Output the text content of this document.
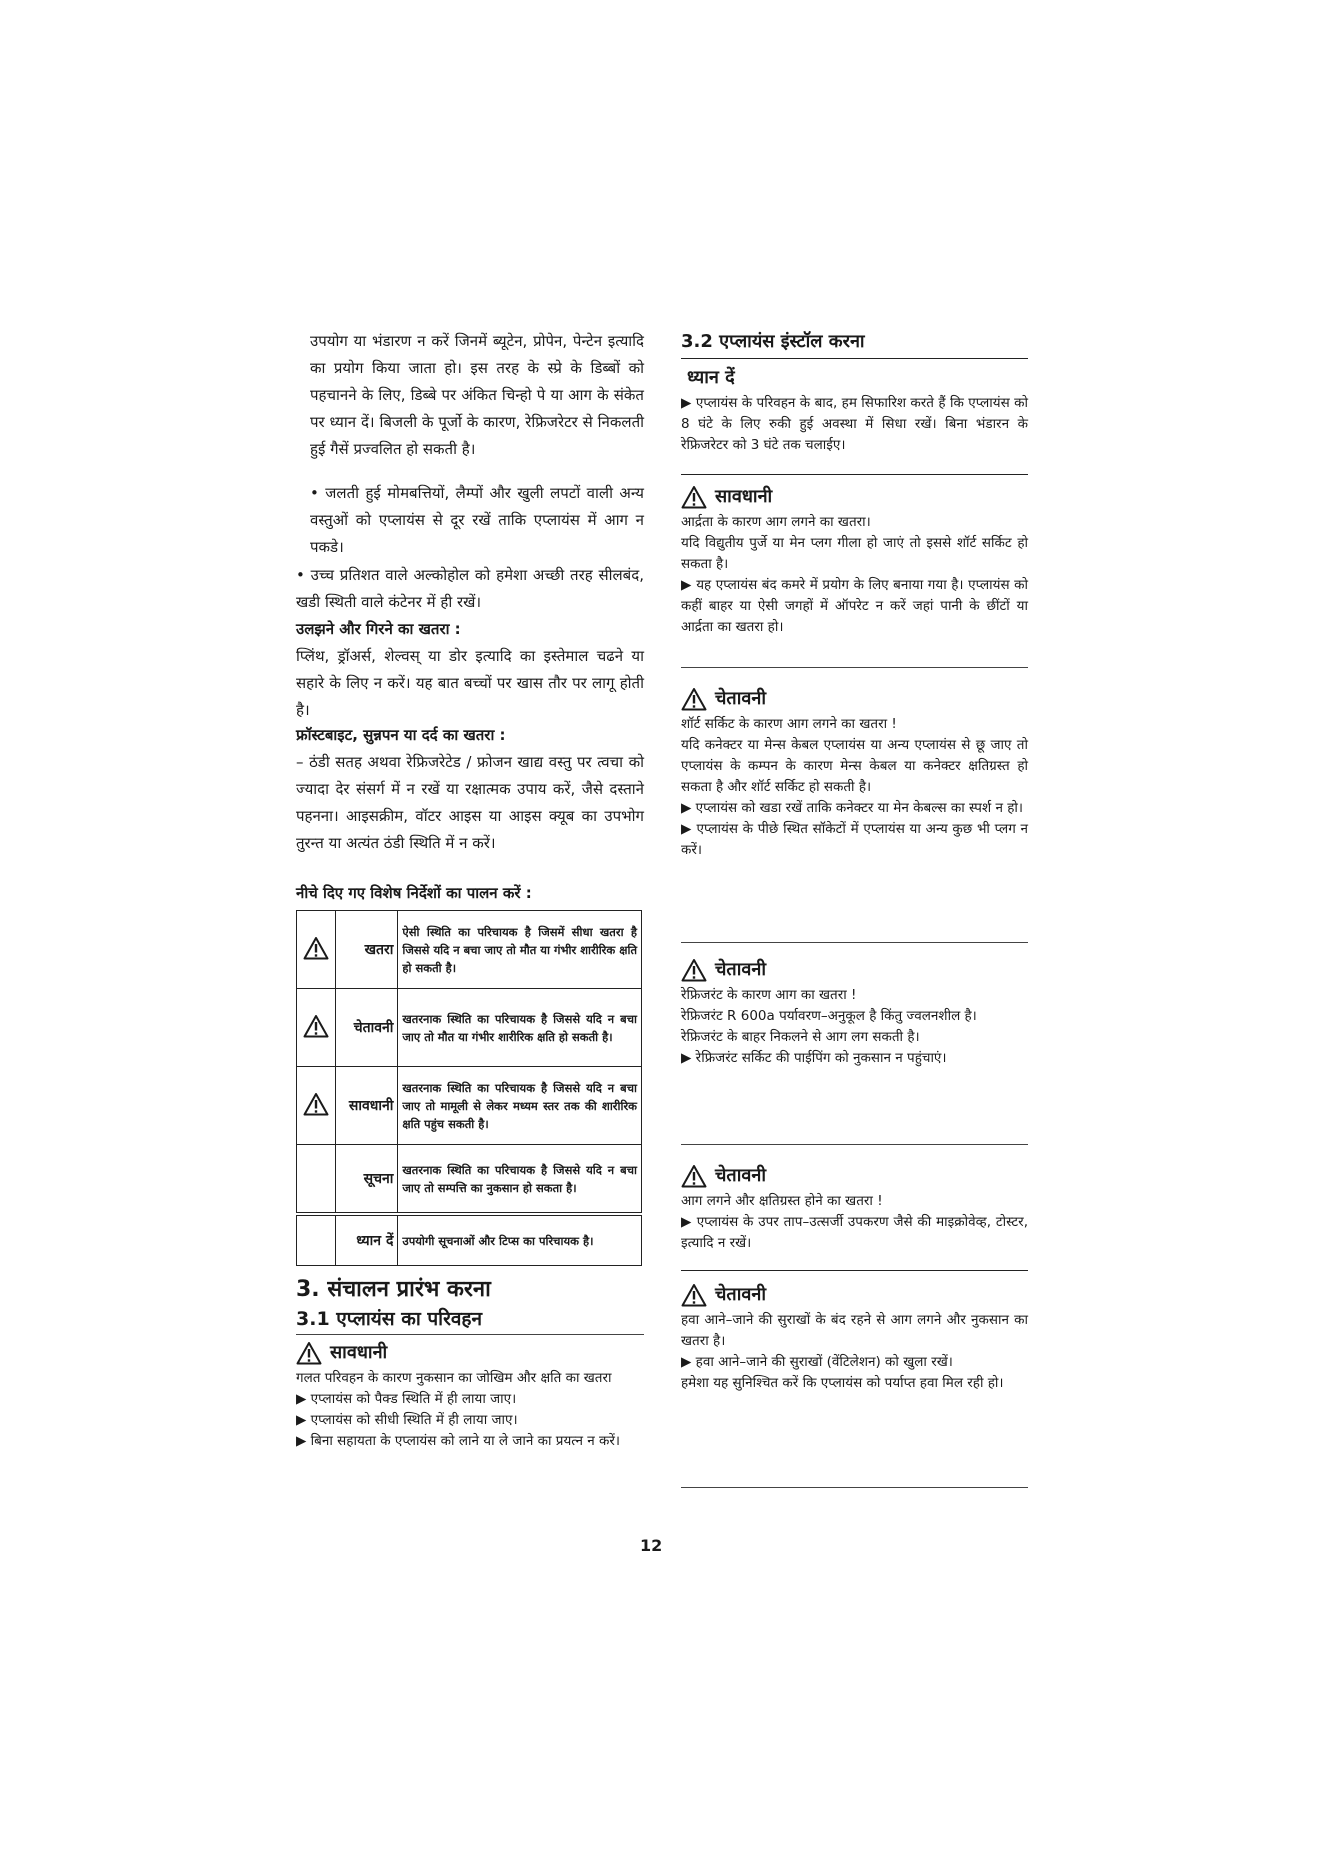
उपयोग या भंडारण न करें जिनमें ब्यूटेन, प्रोपेन, पेन्टेन इत्यादि का प्रयोग किया जाता हो। इस तरह के स्प्रे के डिब्बों को पहचानने के लिए, डिब्बे पर अंकित चिन्हो पे या आग के संकेत पर ध्यान दें। बिजली के पूर्जो के कारण, रेफ्रिजरेटर से निकलती हुई गैसें प्रज्वलित हो सकती है।

• जलती हुई मोमबत्तियों, लैम्पों और खुली लपटों वाली अन्य वस्तुओं को एप्लायंस से दूर रखें ताकि एप्लायंस में आग न पकडे।

• उच्च प्रतिशत वाले अल्कोहोल को हमेशा अच्छी तरह सीलबंद, खडी स्थिती वाले कंटेनर में ही रखें।

उलझने और गिरने का खतरा :

प्लिंथ, ड्रॉअर्स, शेल्वस् या डोर इत्यादि का इस्तेमाल चढने या सहारे के लिए न करें। यह बात बच्चों पर खास तौर पर लागू होती है।

फ्रॉस्टबाइट, सुन्नपन या दर्द का खतरा :

– ठंडी सतह अथवा रेफ्रिजरेटेड / फ्रोजन खाद्य वस्तु पर त्वचा को ज्यादा देर संसर्ग में न रखें या रक्षात्मक उपाय करें, जैसे दस्ताने पहनना। आइसक्रीम, वॉटर आइस या आइस क्यूब का उपभोग तुरन्त या अत्यंत ठंडी स्थिति में न करें।

नीचे दिए गए विशेष निर्देशों का पालन करें :

	खतरा	ऐसी स्थिति का परिचायक है जिसमें सीधा खतरा है जिससे यदि न बचा जाए तो मौत या गंभीर शारीरिक क्षति हो सकती है।
	चेतावनी	खतरनाक स्थिति का परिचायक है जिससे यदि न बचा जाए तो मौत या गंभीर शारीरिक क्षति हो सकती है।
	सावधानी	खतरनाक स्थिति का परिचायक है जिससे यदि न बचा जाए तो मामूली से लेकर मध्यम स्तर तक की शारीरिक क्षति पहुंच सकती है।
	सूचना	खतरनाक स्थिति का परिचायक है जिससे यदि न बचा जाए तो सम्पत्ति का नुकसान हो सकता है।
	ध्यान दें	उपयोगी सूचनाओं और टिप्स का परिचायक है।
3. संचालन प्रारंभ करना
3.1 एप्लायंस का परिवहन
सावधानी

गलत परिवहन के कारण नुकसान का जोखिम और क्षति का खतरा

▶ एप्लायंस को पैक्ड स्थिति में ही लाया जाए।

▶ एप्लायंस को सीधी स्थिति में ही लाया जाए।

▶ बिना सहायता के एप्लायंस को लाने या ले जाने का प्रयत्न न करें।

3.2 एप्लायंस इंस्टॉल करना
ध्यान दें

▶ एप्लायंस के परिवहन के बाद, हम सिफारिश करते हैं कि एप्लायंस को 8 घंटे के लिए रुकी हुई अवस्था में सिधा रखें। बिना भंडारन के रेफ्रिजरेटर को 3 घंटे तक चलाईए।

सावधानी

आर्द्रता के कारण आग लगने का खतरा।

यदि विद्युतीय पुर्जे या मेन प्लग गीला हो जाएं तो इससे शॉर्ट सर्किट हो सकता है।

▶ यह एप्लायंस बंद कमरे में प्रयोग के लिए बनाया गया है। एप्लायंस को कहीं बाहर या ऐसी जगहों में ऑपरेट न करें जहां पानी के छींटों या आर्द्रता का खतरा हो।

चेतावनी

शॉर्ट सर्किट के कारण आग लगने का खतरा !

यदि कनेक्टर या मेन्स केबल एप्लायंस या अन्य एप्लायंस से छू जाए तो एप्लायंस के कम्पन के कारण मेन्स केबल या कनेक्टर क्षतिग्रस्त हो सकता है और शॉर्ट सर्किट हो सकती है।

▶ एप्लायंस को खडा रखें ताकि कनेक्टर या मेन केबल्स का स्पर्श न हो।

▶ एप्लायंस के पीछे स्थित सॉकेटों में एप्लायंस या अन्य कुछ भी प्लग न करें।

चेतावनी

रेफ्रिजरंट के कारण आग का खतरा !

रेफ्रिजरंट R 600a पर्यावरण–अनुकूल है किंतु ज्वलनशील है।

रेफ्रिजरंट के बाहर निकलने से आग लग सकती है।

▶ रेफ्रिजरंट सर्किट की पाईपिंग को नुकसान न पहुंचाएं।

चेतावनी

आग लगने और क्षतिग्रस्त होने का खतरा !

▶ एप्लायंस के उपर ताप–उत्सर्जी उपकरण जैसे की माइक्रोवेव्ह, टोस्टर, इत्यादि न रखें।

चेतावनी

हवा आने–जाने की सुराखों के बंद रहने से आग लगने और नुकसान का खतरा है।

▶ हवा आने–जाने की सुराखों (वेंटिलेशन) को खुला रखें।

हमेशा यह सुनिश्चित करें कि एप्लायंस को पर्याप्त हवा मिल रही हो।

12
